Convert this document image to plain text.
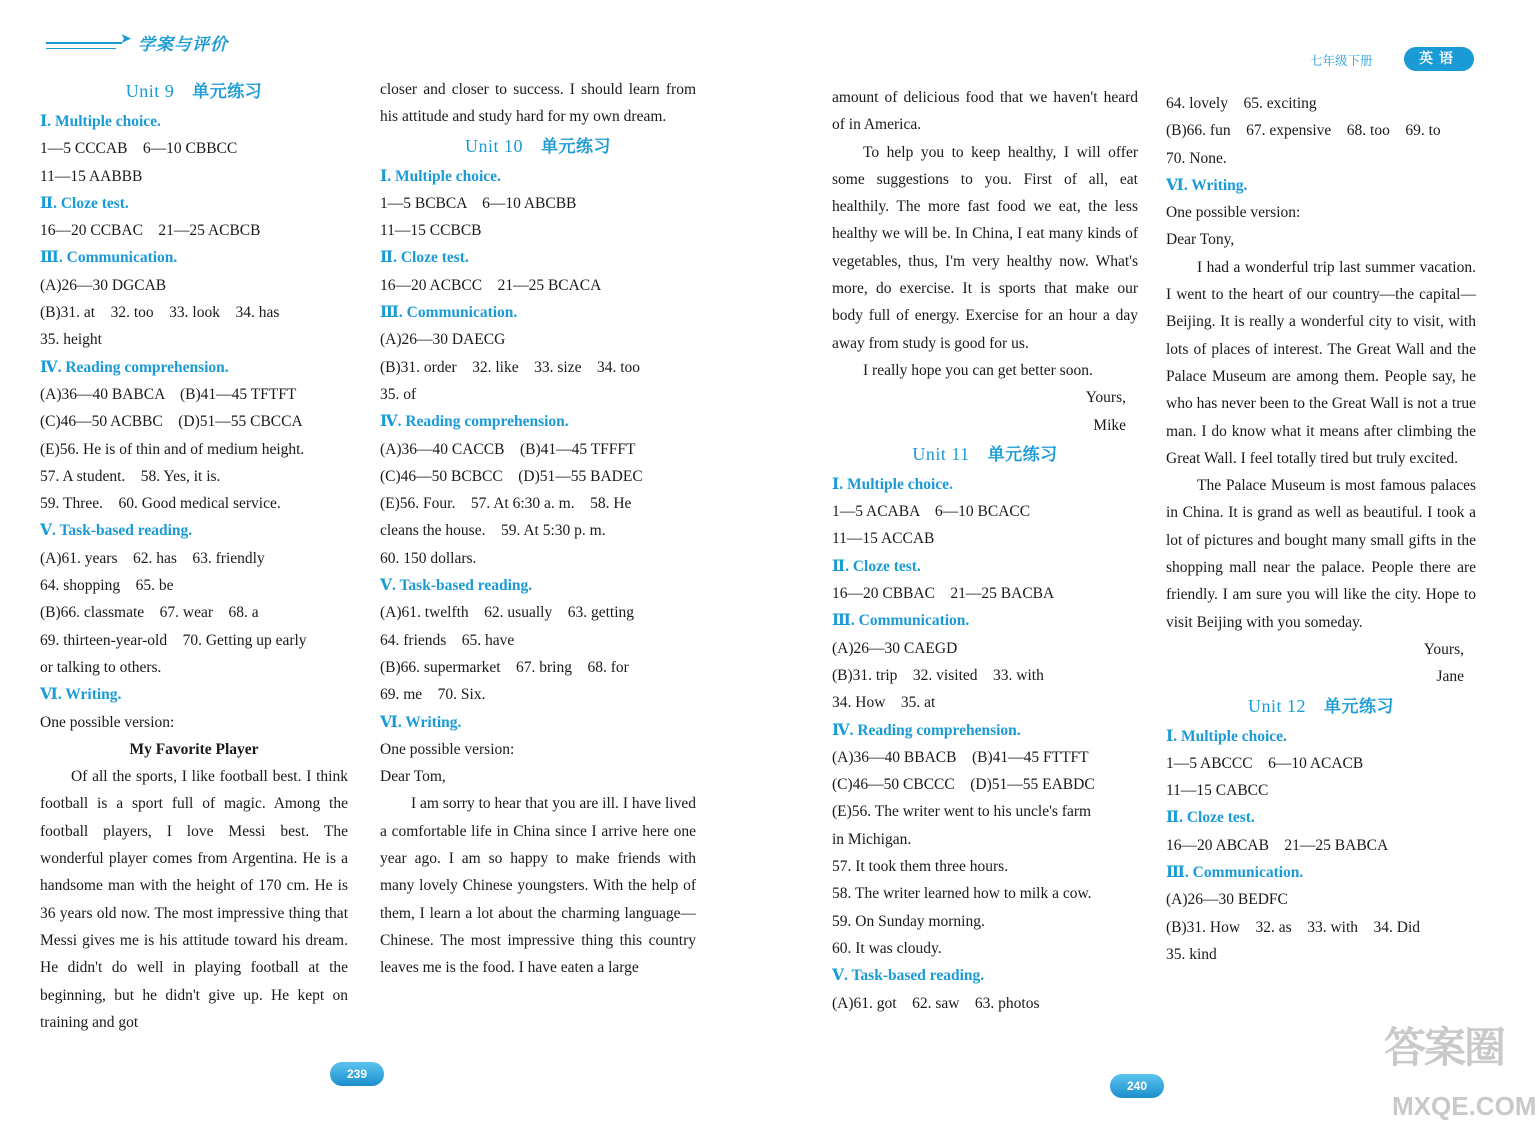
➤ 学案与评价
七年级下册	英语
Unit 9 单元练习
Ⅰ. Multiple choice.
1—5 CCCAB　6—10 CBBCC
11—15 AABBB
Ⅱ. Cloze test.
16—20 CCBAC　21—25 ACBCB
Ⅲ. Communication.
(A)26—30 DGCAB
(B)31. at　32. too　33. look　34. has
35. height
Ⅳ. Reading comprehension.
(A)36—40 BABCA　(B)41—45 TFTFT
(C)46—50 ACBBC　(D)51—55 CBCCA
(E)56. He is of thin and of medium height.
57. A student.　58. Yes, it is.
59. Three.　60. Good medical service.
Ⅴ. Task-based reading.
(A)61. years　62. has　63. friendly
64. shopping　65. be
(B)66. classmate　67. wear　68. a
69. thirteen-year-old　70. Getting up early
or talking to others.
Ⅵ. Writing.
One possible version:
My Favorite Player
Of all the sports, I like football best. I think football is a sport full of magic. Among the football players, I love Messi best. The wonderful player comes from Argentina. He is a handsome man with the height of 170 cm. He is 36 years old now. The most impressive thing that Messi gives me is his attitude toward his dream. He didn't do well in playing football at the beginning, but he didn't give up. He kept on training and got
closer and closer to success. I should learn from his attitude and study hard for my own dream.
Unit 10 单元练习
Ⅰ. Multiple choice.
1—5 BCBCA　6—10 ABCBB
11—15 CCBCB
Ⅱ. Cloze test.
16—20 ACBCC　21—25 BCACA
Ⅲ. Communication.
(A)26—30 DAECG
(B)31. order　32. like　33. size　34. too
35. of
Ⅳ. Reading comprehension.
(A)36—40 CACCB　(B)41—45 TFFFT
(C)46—50 BCBCC　(D)51—55 BADEC
(E)56. Four.　57. At 6:30 a. m.　58. He
cleans the house.　59. At 5:30 p. m.
60. 150 dollars.
Ⅴ. Task-based reading.
(A)61. twelfth　62. usually　63. getting
64. friends　65. have
(B)66. supermarket　67. bring　68. for
69. me　70. Six.
Ⅵ. Writing.
One possible version:
Dear Tom,
I am sorry to hear that you are ill. I have lived a comfortable life in China since I arrive here one year ago. I am so happy to make friends with many lovely Chinese youngsters. With the help of them, I learn a lot about the charming language—Chinese. The most impressive thing this country leaves me is the food. I have eaten a large
amount of delicious food that we haven't heard of in America.
To help you to keep healthy, I will offer some suggestions to you. First of all, eat healthily. The more fast food we eat, the less healthy we will be. In China, I eat many kinds of vegetables, thus, I'm very healthy now. What's more, do exercise. It is sports that make our body full of energy. Exercise for an hour a day away from study is good for us.
I really hope you can get better soon.
Yours,
Mike
Unit 11 单元练习
Ⅰ. Multiple choice.
1—5 ACABA　6—10 BCACC
11—15 ACCAB
Ⅱ. Cloze test.
16—20 CBBAC　21—25 BACBA
Ⅲ. Communication.
(A)26—30 CAEGD
(B)31. trip　32. visited　33. with
34. How　35. at
Ⅳ. Reading comprehension.
(A)36—40 BBACB　(B)41—45 FTTFT
(C)46—50 CBCCC　(D)51—55 EABDC
(E)56. The writer went to his uncle's farm
in Michigan.
57. It took them three hours.
58. The writer learned how to milk a cow.
59. On Sunday morning.
60. It was cloudy.
Ⅴ. Task-based reading.
(A)61. got　62. saw　63. photos
64. lovely　65. exciting
(B)66. fun　67. expensive　68. too　69. to
70. None.
Ⅵ. Writing.
One possible version:
Dear Tony,
I had a wonderful trip last summer vacation. I went to the heart of our country—the capital—Beijing. It is really a wonderful city to visit, with lots of places of interest. The Great Wall and the Palace Museum are among them. People say, he who has never been to the Great Wall is not a true man. I do know what it means after climbing the Great Wall. I feel totally tired but truly excited.
The Palace Museum is most famous palaces in China. It is grand as well as beautiful. I took a lot of pictures and bought many small gifts in the shopping mall near the palace. People there are friendly. I am sure you will like the city. Hope to visit Beijing with you someday.
Yours,
Jane
Unit 12 单元练习
Ⅰ. Multiple choice.
1—5 ABCCC　6—10 ACACB
11—15 CABCC
Ⅱ. Cloze test.
16—20 ABCAB　21—25 BABCA
Ⅲ. Communication.
(A)26—30 BEDFC
(B)31. How　32. as　33. with　34. Did
35. kind
239
240
答案圈
MXQE.COM
